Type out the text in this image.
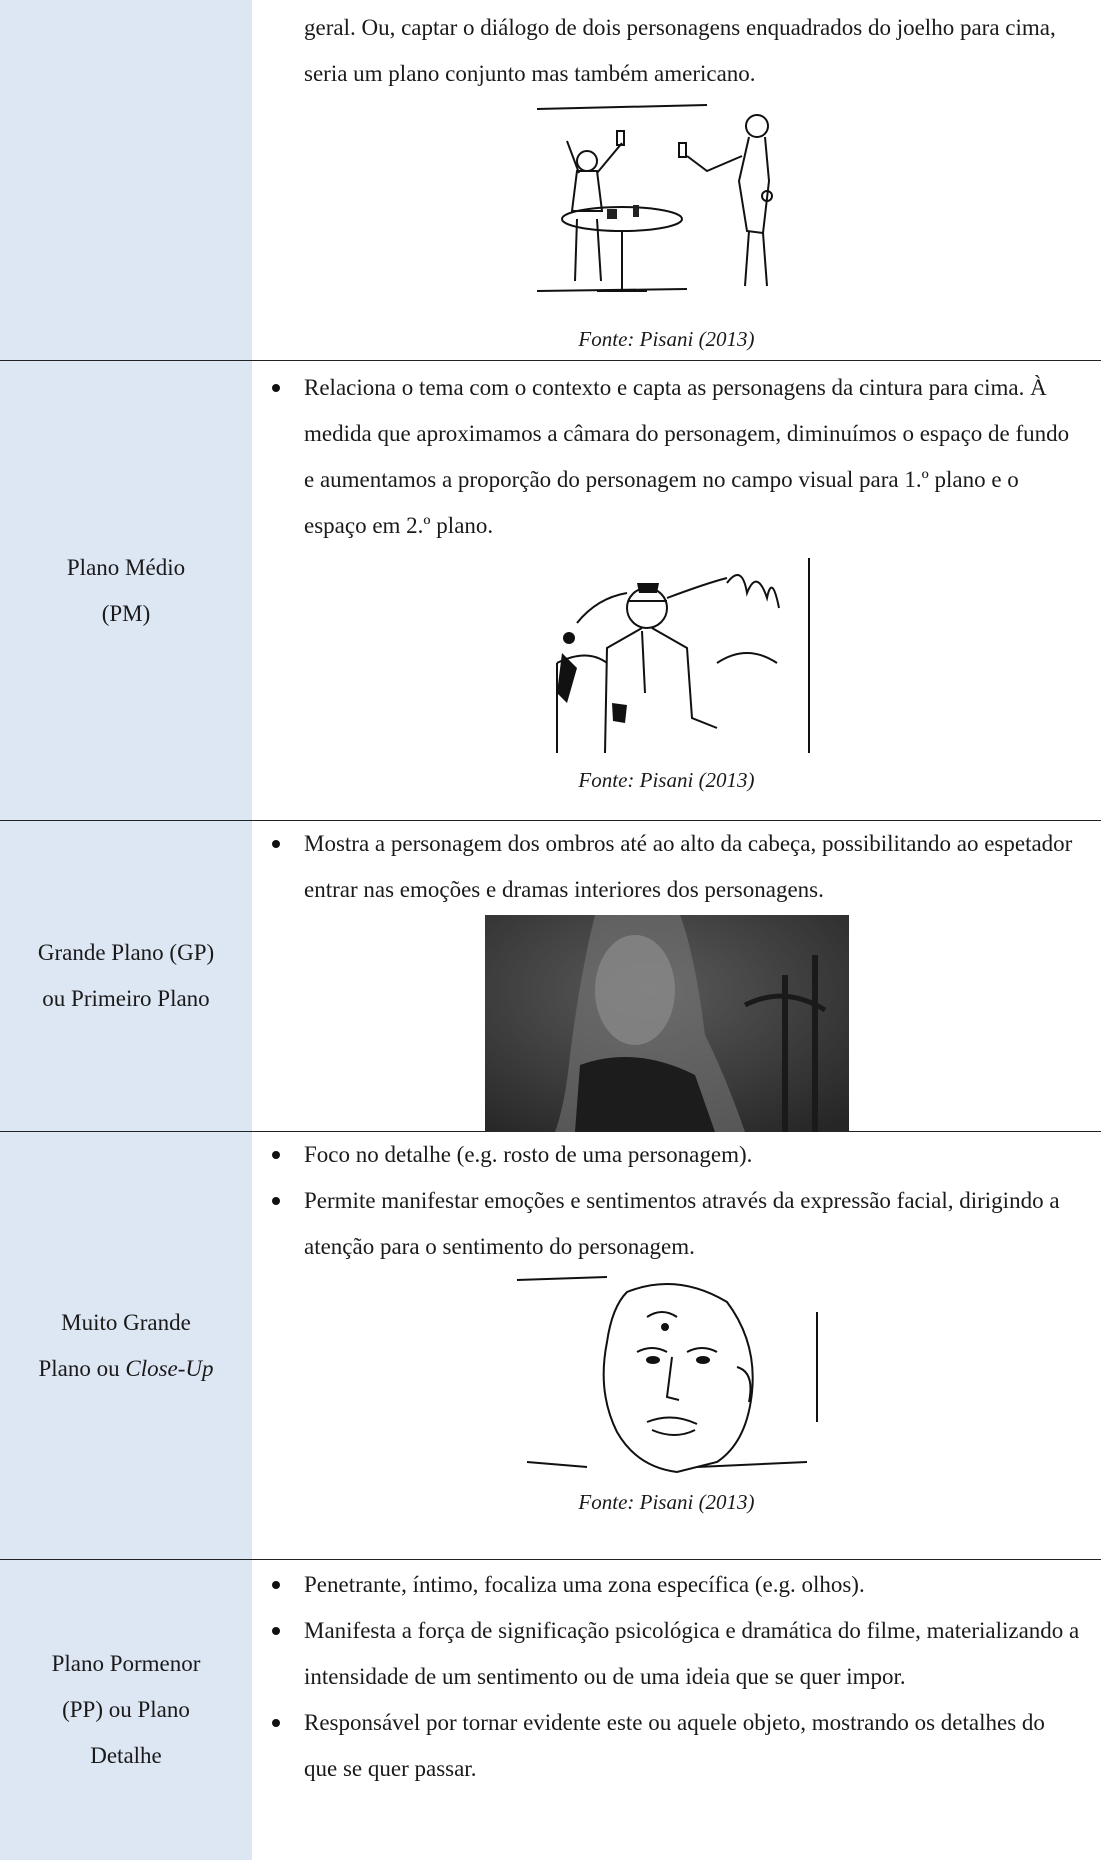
geral. Ou, captar o diálogo de dois personagens enquadrados do joelho para cima, seria um plano conjunto mas também americano.

Fonte: Pisani (2013)
Plano Médio
(PM)
Relaciona o tema com o contexto e capta as personagens da cintura para cima. À medida que aproximamos a câmara do personagem, diminuímos o espaço de fundo e aumentamos a proporção do personagem no campo visual para 1.º plano e o espaço em 2.º plano.
Fonte: Pisani (2013)
Grande Plano (GP)
ou Primeiro Plano
Mostra a personagem dos ombros até ao alto da cabeça, possibilitando ao espetador entrar nas emoções e dramas interiores dos personagens.
Muito Grande
Plano ou Close-Up
Foco no detalhe (e.g. rosto de uma personagem).
Permite manifestar emoções e sentimentos através da expressão facial, dirigindo a atenção para o sentimento do personagem.
Fonte: Pisani (2013)
Plano Pormenor
(PP) ou Plano
Detalhe
Penetrante, íntimo, focaliza uma zona específica (e.g. olhos).
Manifesta a força de significação psicológica e dramática do filme, materializando a intensidade de um sentimento ou de uma ideia que se quer impor.
Responsável por tornar evidente este ou aquele objeto, mostrando os detalhes do que se quer passar.
